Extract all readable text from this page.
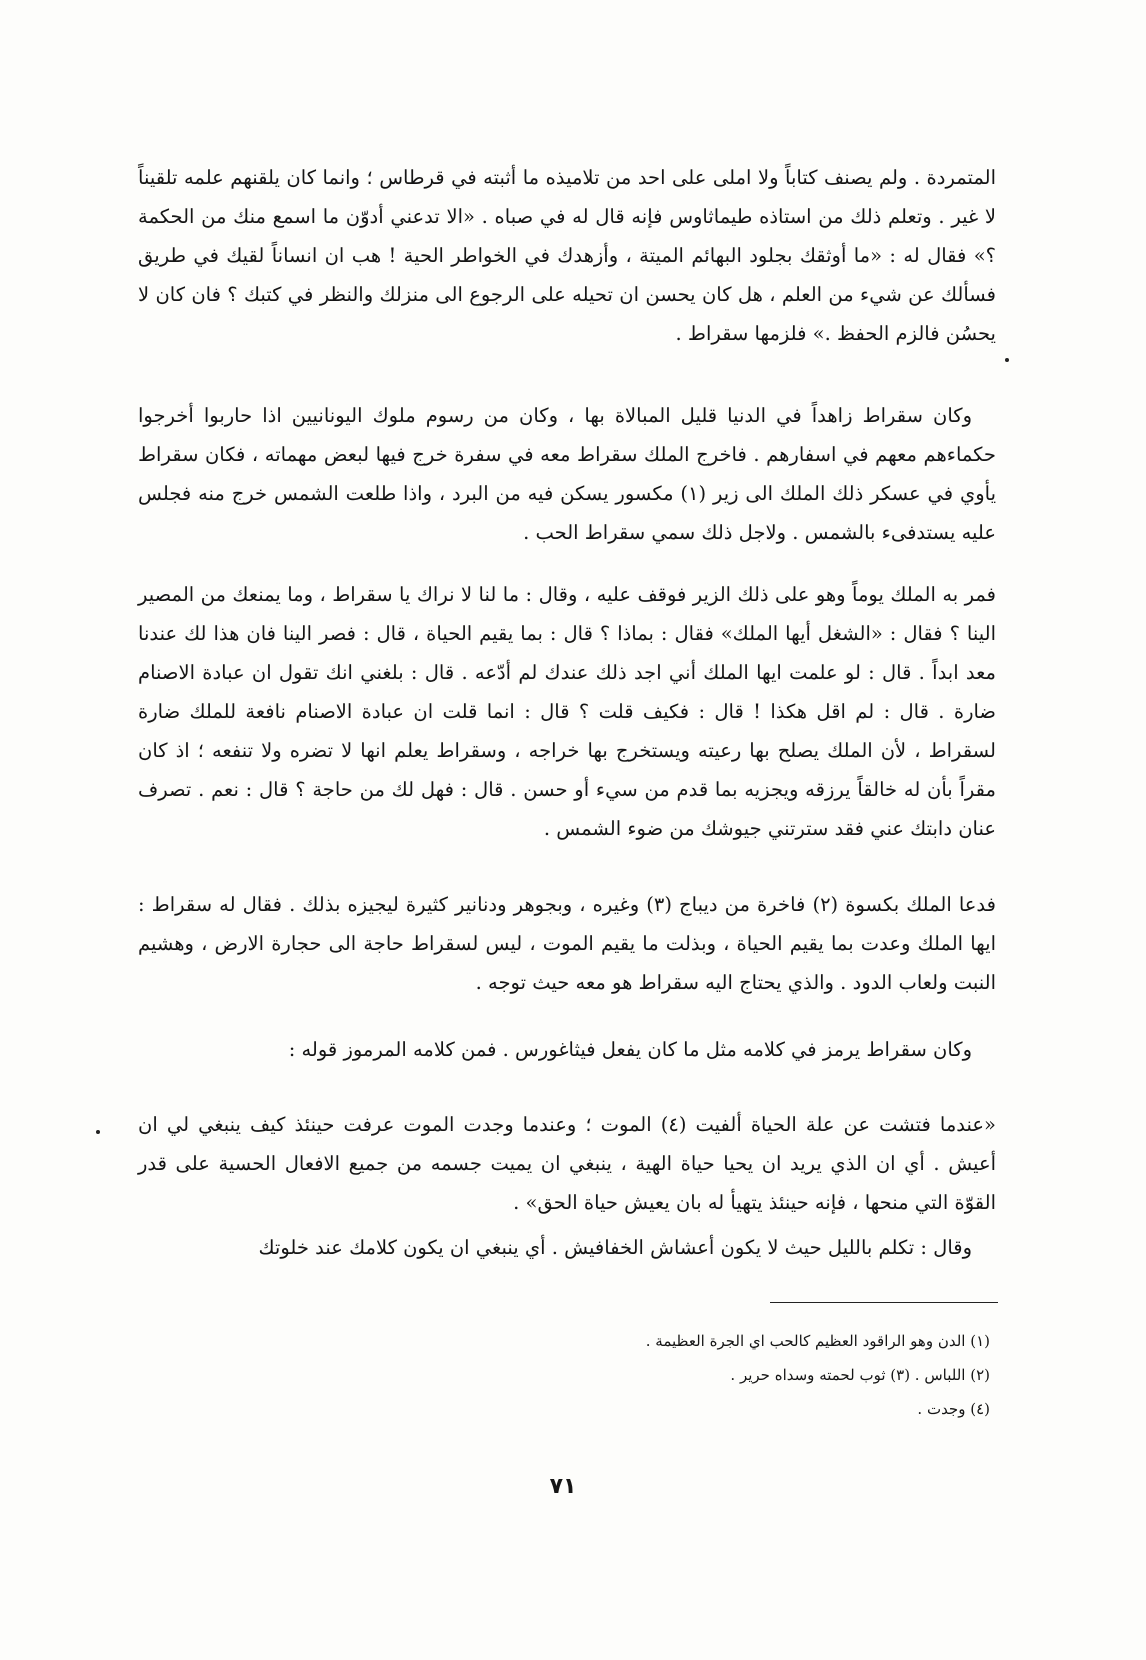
المتمردة . ولم يصنف كتاباً ولا املى على احد من تلاميذه ما أثبته في قرطاس ؛ وانما كان يلقنهم علمه تلقيناً لا غير . وتعلم ذلك من استاذه طيماثاوس فإنه قال له في صباه . «الا تدعني أدوّن ما اسمع منك من الحكمة ؟» فقال له : «ما أوثقك بجلود البهائم الميتة ، وأزهدك في الخواطر الحية ! هب ان انساناً لقيك في طريق فسألك عن شيء من العلم ، هل كان يحسن ان تحيله على الرجوع الى منزلك والنظر في كتبك ؟ فان كان لا يحسُن فالزم الحفظ .» فلزمها سقراط .

وكان سقراط زاهداً في الدنيا قليل المبالاة بها ، وكان من رسوم ملوك اليونانيين اذا حاربوا أخرجوا حكماءهم معهم في اسفارهم . فاخرج الملك سقراط معه في سفرة خرج فيها لبعض مهماته ، فكان سقراط يأوي في عسكر ذلك الملك الى زير (١) مكسور يسكن فيه من البرد ، واذا طلعت الشمس خرج منه فجلس عليه يستدفىء بالشمس . ولاجل ذلك سمي سقراط الحب .

فمر به الملك يوماً وهو على ذلك الزير فوقف عليه ، وقال : ما لنا لا نراك يا سقراط ، وما يمنعك من المصير الينا ؟ فقال : «الشغل أيها الملك» فقال : بماذا ؟ قال : بما يقيم الحياة ، قال : فصر الينا فان هذا لك عندنا معد ابداً . قال : لو علمت ايها الملك أني اجد ذلك عندك لم أدّعه . قال : بلغني انك تقول ان عبادة الاصنام ضارة . قال : لم اقل هكذا ! قال : فكيف قلت ؟ قال : انما قلت ان عبادة الاصنام نافعة للملك ضارة لسقراط ، لأن الملك يصلح بها رعيته ويستخرج بها خراجه ، وسقراط يعلم انها لا تضره ولا تنفعه ؛ اذ كان مقراً بأن له خالقاً يرزقه ويجزيه بما قدم من سيء أو حسن . قال : فهل لك من حاجة ؟ قال : نعم . تصرف عنان دابتك عني فقد سترتني جيوشك من ضوء الشمس .

فدعا الملك بكسوة (٢) فاخرة من ديباج (٣) وغيره ، وبجوهر ودنانير كثيرة ليجيزه بذلك . فقال له سقراط : ايها الملك وعدت بما يقيم الحياة ، وبذلت ما يقيم الموت ، ليس لسقراط حاجة الى حجارة الارض ، وهشيم النبت ولعاب الدود . والذي يحتاج اليه سقراط هو معه حيث توجه .

وكان سقراط يرمز في كلامه مثل ما كان يفعل فيثاغورس . فمن كلامه المرموز قوله :

«عندما فتشت عن علة الحياة ألفيت (٤) الموت ؛ وعندما وجدت الموت عرفت حينئذ كيف ينبغي لي ان أعيش . أي ان الذي يريد ان يحيا حياة الهية ، ينبغي ان يميت جسمه من جميع الافعال الحسية على قدر القوّة التي منحها ، فإنه حينئذ يتهيأ له بان يعيش حياة الحق» .

وقال : تكلم بالليل حيث لا يكون أعشاش الخفافيش . أي ينبغي ان يكون كلامك عند خلوتك

(١) الدن وهو الراقود العظيم كالحب اي الجرة العظيمة .
(٢) اللباس . (٣) ثوب لحمته وسداه حرير .
(٤) وجدت .
٧١
